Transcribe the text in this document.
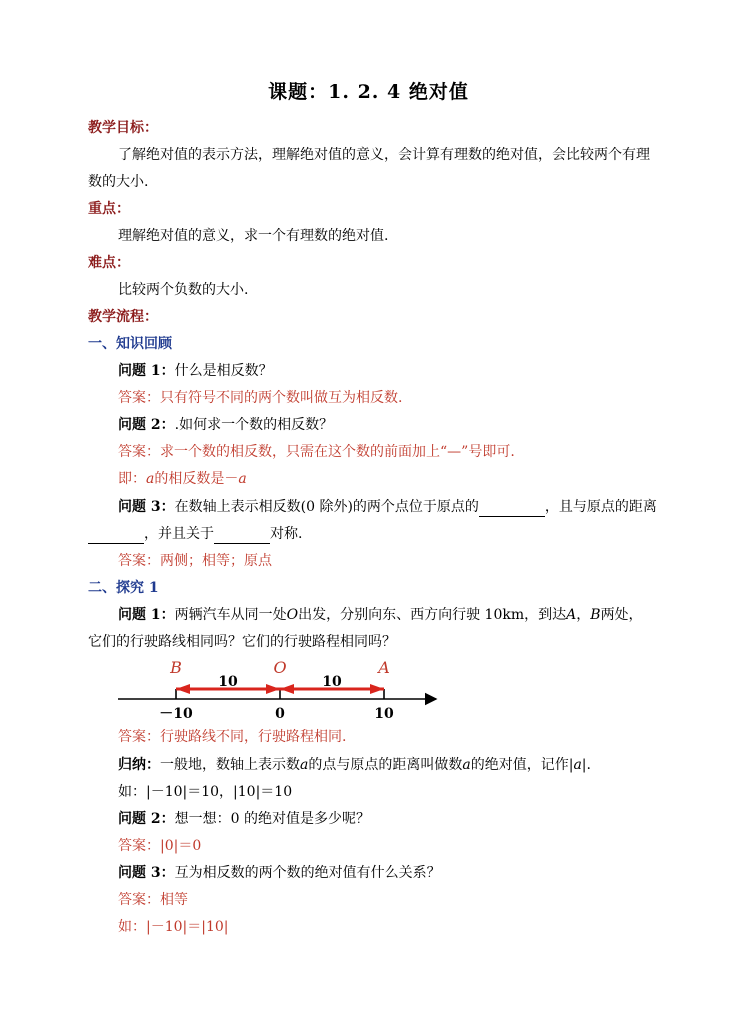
课题：1. 2. 4 绝对值
教学目标：
了解绝对值的表示方法，理解绝对值的意义，会计算有理数的绝对值，会比较两个有理
数的大小.
重点：
理解绝对值的意义，求一个有理数的绝对值.
难点：
比较两个负数的大小.
教学流程：
一、知识回顾
问题 1：什么是相反数？
答案：只有符号不同的两个数叫做互为相反数.
问题 2：.如何求一个数的相反数？
答案：求一个数的相反数，只需在这个数的前面加上“—”号即可.
即：a的相反数是－a
问题 3：在数轴上表示相反数(0 除外)的两个点位于原点的	，且与原点的距离
，并且关于	对称.
答案：两侧；相等；原点
二、探究 1
问题 1：两辆汽车从同一处O出发，分别向东、西方向行驶 10km，到达A，B两处，
它们的行驶路线相同吗？它们的行驶路程相同吗？
10	10
B	O	A
－10	0	10
答案：行驶路线不同，行驶路程相同.
归纳：一般地，数轴上表示数a的点与原点的距离叫做数a的绝对值，记作|a|.
如：|－10|＝10，|10|＝10
问题 2：想一想：0 的绝对值是多少呢？
答案：|0|＝0
问题 3：互为相反数的两个数的绝对值有什么关系？
答案：相等
如：|－10|＝|10|
